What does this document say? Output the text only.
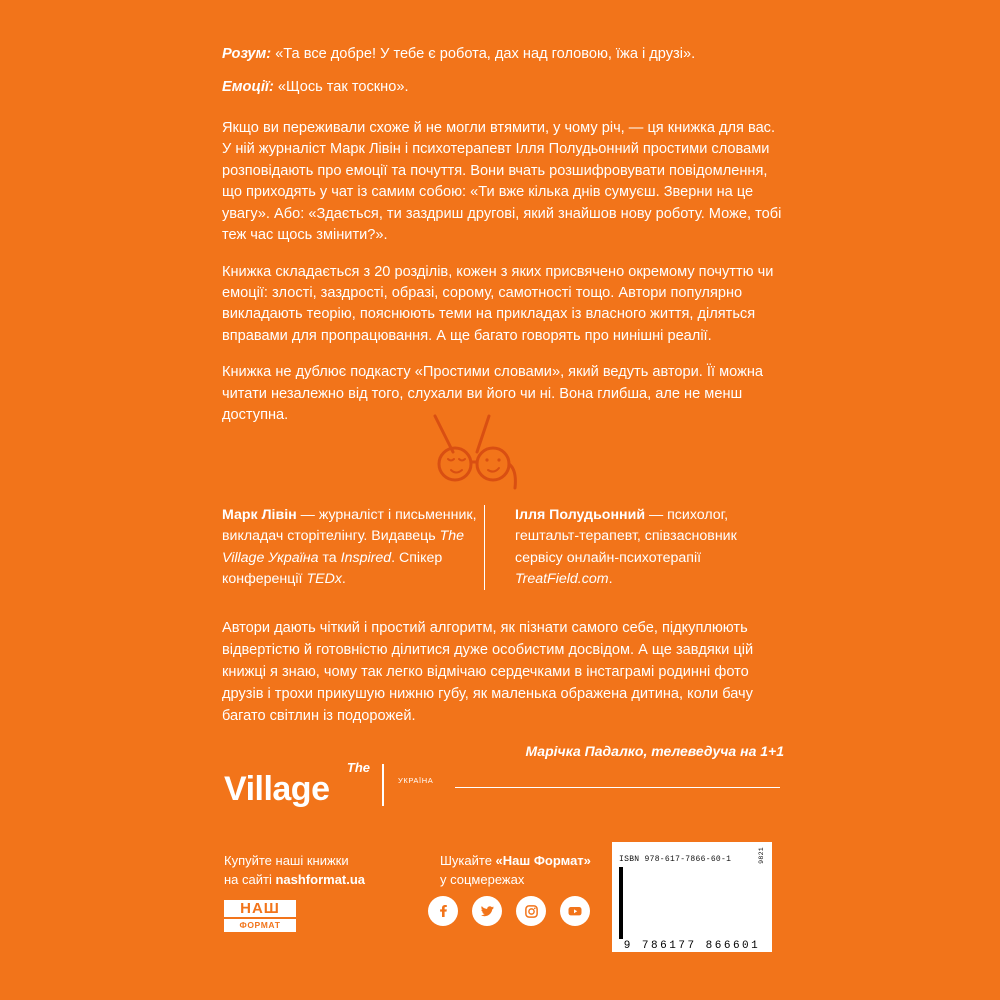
Розум: «Та все добре! У тебе є робота, дах над головою, їжа і друзі».

Емоції: «Щось так тоскно».

Якщо ви переживали схоже й не могли втямити, у чому річ, — ця книжка для вас. У ній журналіст Марк Лівін і психотерапевт Ілля Полудьонний простими словами розповідають про емоції та почуття. Вони вчать розшифровувати повідомлення, що приходять у чат із самим собою: «Ти вже кілька днів сумуєш. Зверни на це увагу». Або: «Здається, ти заздриш другові, який знайшов нову роботу. Може, тобі теж час щось змінити?».

Книжка складається з 20 розділів, кожен з яких присвячено окремому почуттю чи емоції: злості, заздрості, образі, сорому, самотності тощо. Автори популярно викладають теорію, пояснюють теми на прикладах із власного життя, діляться вправами для пропрацювання. А ще багато говорять про нинішні реалії.

Книжка не дублює подкасту «Простими словами», який ведуть автори. Її можна читати незалежно від того, слухали ви його чи ні. Вона глибша, але не менш доступна.

Марк Лівін — журналіст і письменник, викладач сторітелінгу. Видавець The Village Україна та Inspired. Спікер конференції TEDx.
Ілля Полудьонний — психолог, гештальт-терапевт, співзасновник сервісу онлайн-психотерапії TreatField.com.

Автори дають чіткий і простий алгоритм, як пізнати самого себе, підкуплюють відвертістю й готовністю ділитися дуже особистим досвідом. А ще завдяки цій книжці я знаю, чому так легко відмічаю сердечками в інстаграмі родинні фото друзів і трохи прикушую нижню губу, як маленька ображена дитина, коли бачу багато світлин із подорожей.

Марічка Падалко, телеведуча на 1+1

The
Village	УКРАЇНА
Купуйте наші книжки
на сайті nashformat.ua
НАШ
ФОРМАТ
Шукайте «Наш Формат»
у соцмережах
ISBN 978-617-7866-60-1	9821
9 786177 866601
